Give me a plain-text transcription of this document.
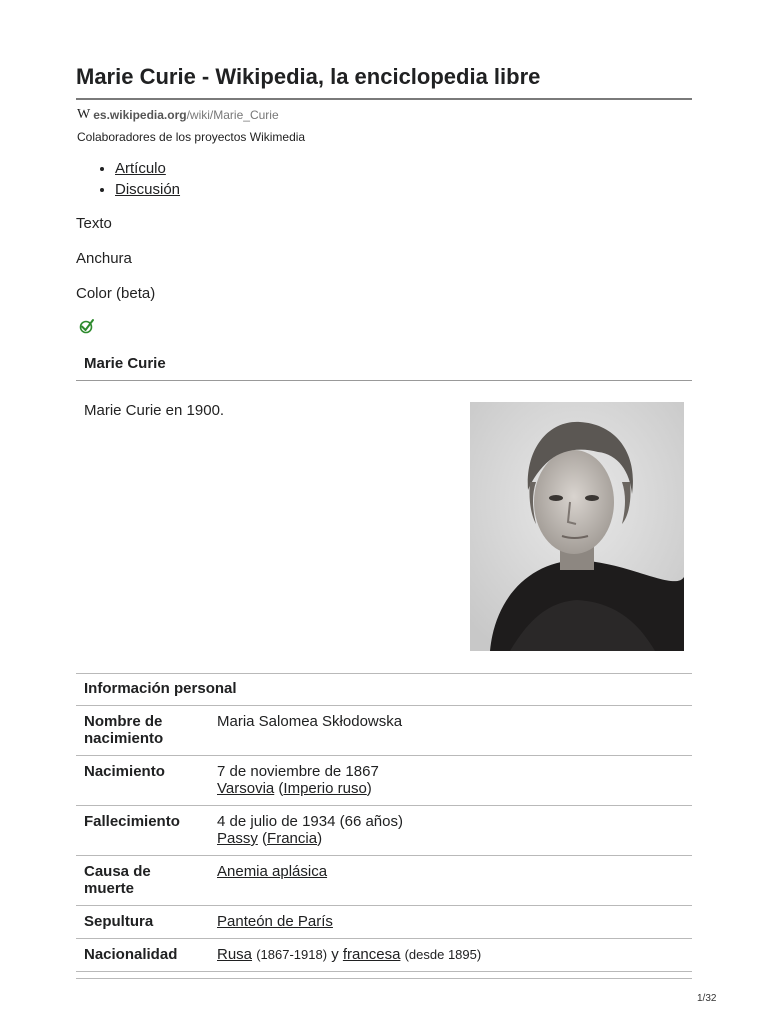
Marie Curie - Wikipedia, la enciclopedia libre
W es.wikipedia.org/wiki/Marie_Curie
Colaboradores de los proyectos Wikimedia
• Artículo
• Discusión
Texto
Anchura
Color (beta)
Marie Curie
Marie Curie en 1900.
Información personal	
Nombre de nacimiento	Maria Salomea Skłodowska
Nacimiento	7 de noviembre de 1867
Varsovia (Imperio ruso)
Fallecimiento	4 de julio de 1934 (66 años)
Passy (Francia)
Causa de muerte	Anemia aplásica
Sepultura	Panteón de París
Nacionalidad	Rusa (1867-1918) y francesa (desde 1895)

1/32
